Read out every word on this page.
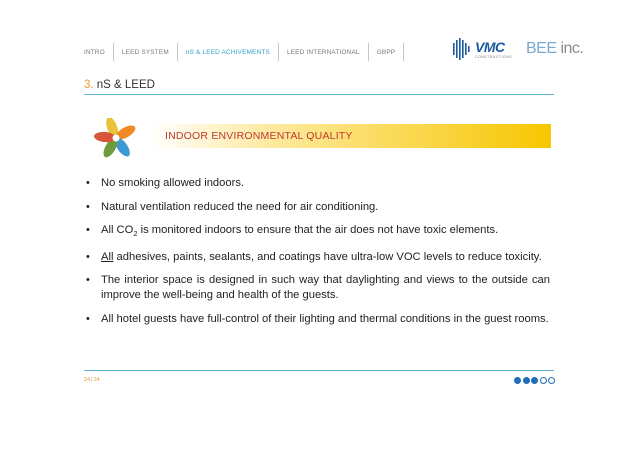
INTRO	LEED SYSTEM	nS & LEED ACHIVEMENTS	LEED INTERNATIONAL	GBPP	VMC
CONSTRUCTIONS BEE inc.
3. nS & LEED
INDOOR ENVIRONMENTAL QUALITY
• No smoking allowed indoors.
• Natural ventilation reduced the need for air conditioning.
• All $CO_2$ is monitored indoors to ensure that the air does not have toxic elements.
• All adhesives, paints, sealants, and coatings have ultra-low VOC levels to reduce toxicity.
• The interior space is designed in such way that daylighting and views to the outside can improve the well-being and health of the guests.
• All hotel guests have full-control of their lighting and thermal conditions in the guest rooms.
24|34
